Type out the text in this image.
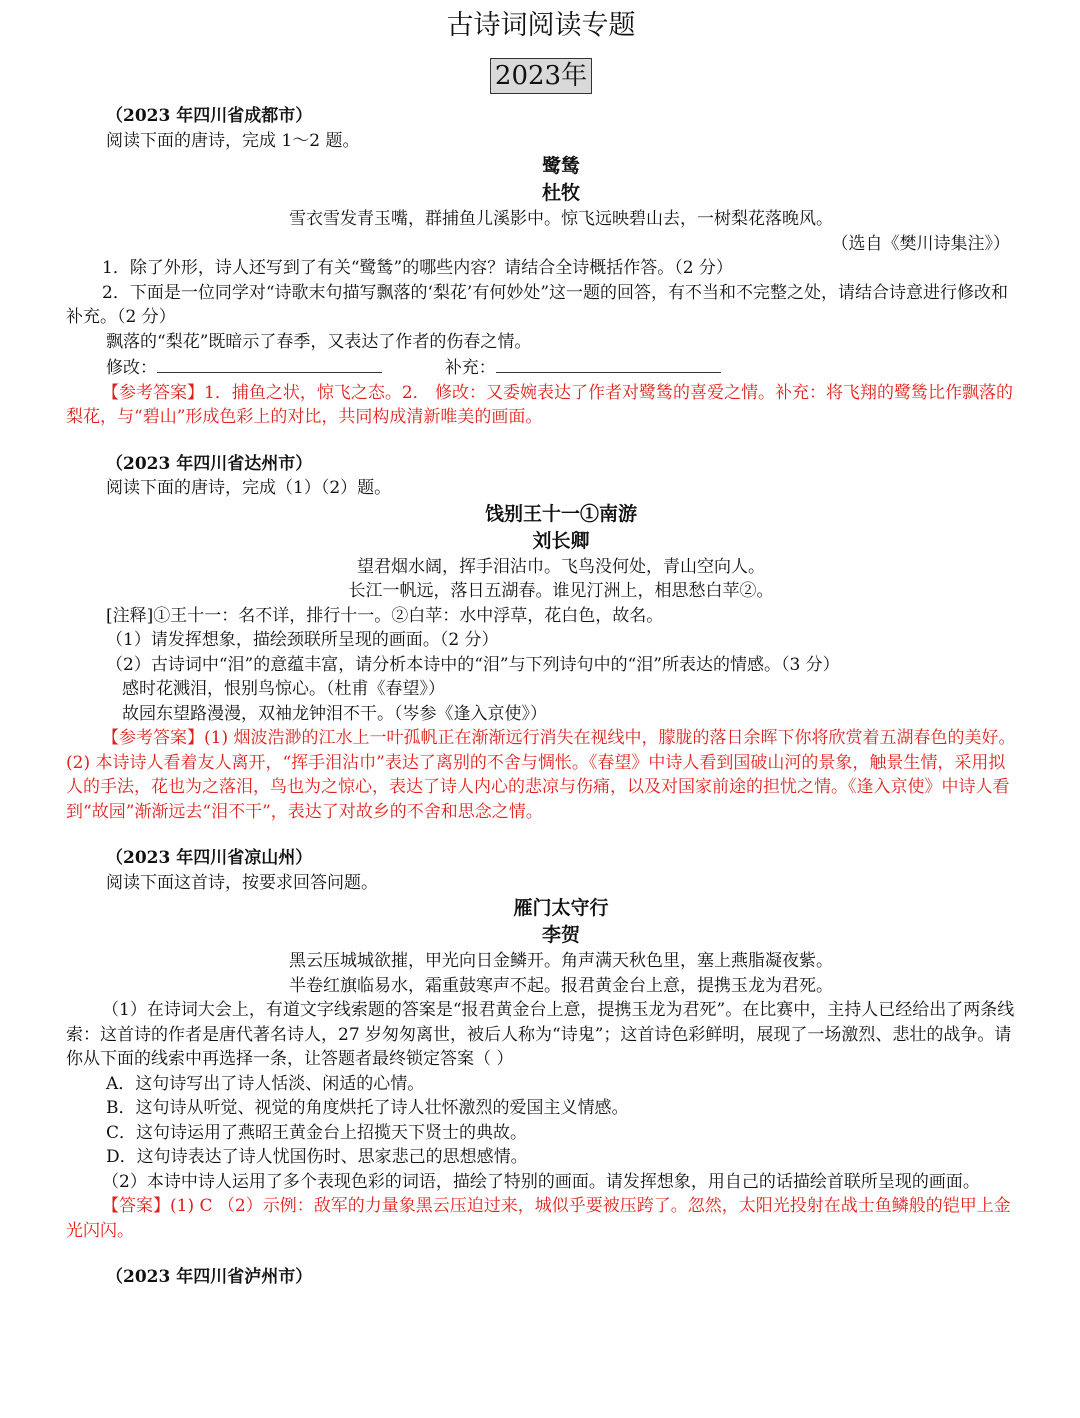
古诗词阅读专题
2023年
（2023 年四川省成都市）
阅读下面的唐诗，完成 1～2 题。
鹭鸶
杜牧
雪衣雪发青玉嘴，群捕鱼儿溪影中。惊飞远映碧山去，一树梨花落晚风。
（选自《樊川诗集注》）
1．除了外形，诗人还写到了有关“鹭鸶”的哪些内容？请结合全诗概括作答。（2 分）
2．下面是一位同学对“诗歌末句描写飘落的‘梨花’有何妙处”这一题的回答，有不当和不完整之处，请结合诗意进行修改和补充。（2 分）
飘落的“梨花”既暗示了春季，又表达了作者的伤春之情。
修改：	补充：
【参考答案】1．捕鱼之状，惊飞之态。2． 修改：又委婉表达了作者对鹭鸶的喜爱之情。补充：将飞翔的鹭鸶比作飘落的梨花，与“碧山”形成色彩上的对比，共同构成清新唯美的画面。
（2023 年四川省达州市）
阅读下面的唐诗，完成（1）（2）题。
饯别王十一①南游
刘长卿
望君烟水阔，挥手泪沾巾。飞鸟没何处，青山空向人。
长江一帆远，落日五湖春。谁见汀洲上，相思愁白苹②。
[注释]①王十一：名不详，排行十一。②白苹：水中浮草，花白色，故名。
（1）请发挥想象，描绘颈联所呈现的画面。（2 分）
（2）古诗词中“泪”的意蕴丰富，请分析本诗中的“泪”与下列诗句中的“泪”所表达的情感。（3 分）
感时花溅泪，恨别鸟惊心。（杜甫《春望》）
故园东望路漫漫，双袖龙钟泪不干。（岑参《逢入京使》）
【参考答案】(1) 烟波浩渺的江水上一叶孤帆正在渐渐远行消失在视线中，朦胧的落日余晖下你将欣赏着五湖春色的美好。 (2) 本诗诗人看着友人离开，“挥手泪沾巾”表达了离别的不舍与惆怅。《春望》中诗人看到国破山河的景象，触景生情，采用拟人的手法，花也为之落泪，鸟也为之惊心，表达了诗人内心的悲凉与伤痛，以及对国家前途的担忧之情。《逢入京使》中诗人看到“故园”渐渐远去“泪不干”，表达了对故乡的不舍和思念之情。
（2023 年四川省凉山州）
阅读下面这首诗，按要求回答问题。
雁门太守行
李贺
黑云压城城欲摧，甲光向日金鳞开。角声满天秋色里，塞上燕脂凝夜紫。
半卷红旗临易水，霜重鼓寒声不起。报君黄金台上意，提携玉龙为君死。
（1）在诗词大会上，有道文字线索题的答案是“报君黄金台上意，提携玉龙为君死”。在比赛中，主持人已经给出了两条线索：这首诗的作者是唐代著名诗人，27 岁匆匆离世，被后人称为“诗鬼”；这首诗色彩鲜明，展现了一场激烈、悲壮的战争。请你从下面的线索中再选择一条，让答题者最终锁定答案（ ）
A．这句诗写出了诗人恬淡、闲适的心情。
B．这句诗从听觉、视觉的角度烘托了诗人壮怀激烈的爱国主义情感。
C．这句诗运用了燕昭王黄金台上招揽天下贤士的典故。
D．这句诗表达了诗人忧国伤时、思家悲己的思想感情。
（2）本诗中诗人运用了多个表现色彩的词语，描绘了特别的画面。请发挥想象，用自己的话描绘首联所呈现的画面。
【答案】(1) C （2）示例：敌军的力量象黑云压迫过来，城似乎要被压跨了。忽然，太阳光投射在战士鱼鳞般的铠甲上金光闪闪。
（2023 年四川省泸州市）
